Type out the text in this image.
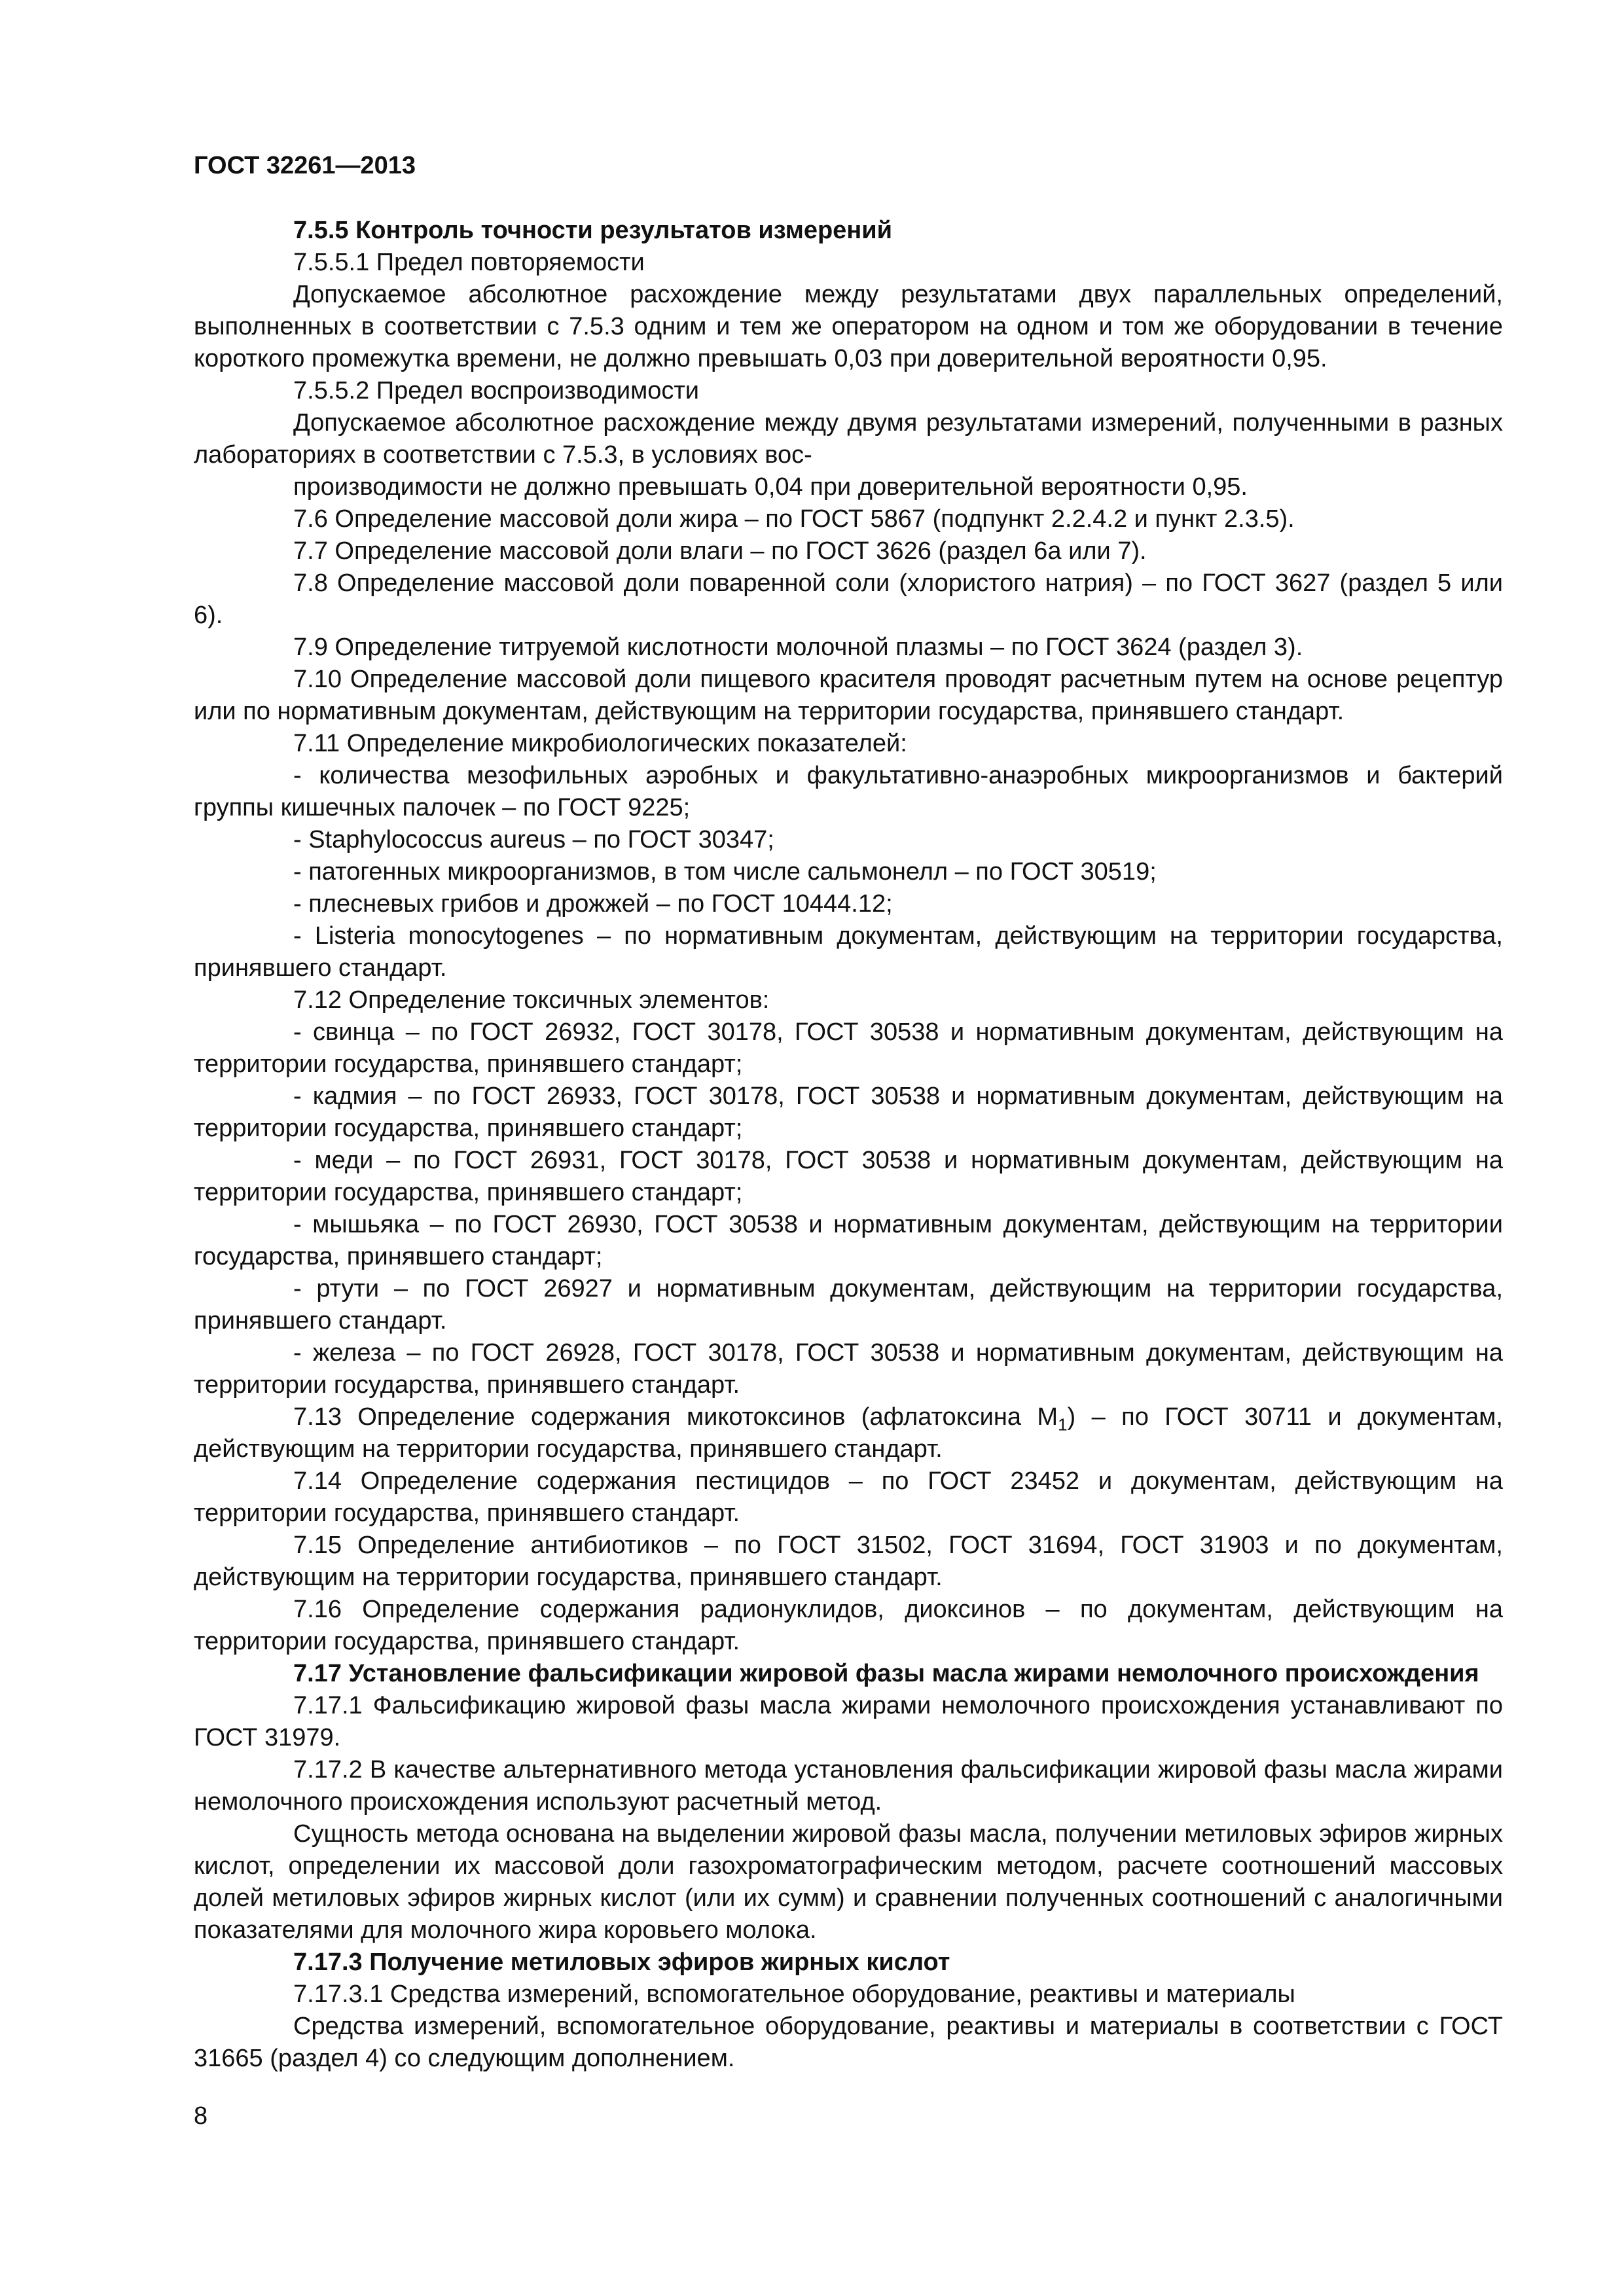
ГОСТ 32261—2013

7.5.5 Контроль точности результатов измерений

7.5.5.1 Предел повторяемости

Допускаемое абсолютное расхождение между результатами двух параллельных определений, выполненных в соответствии с 7.5.3 одним и тем же оператором на одном и том же оборудовании в течение короткого промежутка времени, не должно превышать 0,03 при доверительной вероятности 0,95.

7.5.5.2 Предел воспроизводимости

Допускаемое абсолютное расхождение между двумя результатами измерений, полученными в разных лабораториях в соответствии с 7.5.3, в условиях вос-

производимости не должно превышать 0,04 при доверительной вероятности 0,95.

7.6 Определение массовой доли жира – по ГОСТ 5867 (подпункт 2.2.4.2 и пункт 2.3.5).

7.7 Определение массовой доли влаги – по ГОСТ 3626 (раздел 6а или 7).

7.8 Определение массовой доли поваренной соли (хлористого натрия) – по ГОСТ 3627 (раздел 5 или 6).

7.9 Определение титруемой кислотности молочной плазмы – по ГОСТ 3624 (раздел 3).

7.10 Определение массовой доли пищевого красителя проводят расчетным путем на основе рецептур или по нормативным документам, действующим на территории государства, принявшего стандарт.

7.11 Определение микробиологических показателей:

- количества мезофильных аэробных и факультативно-анаэробных микроорганизмов и бактерий группы кишечных палочек – по ГОСТ 9225;

- Staphylococcus aureus – по ГОСТ 30347;

- патогенных микроорганизмов, в том числе сальмонелл – по ГОСТ 30519;

- плесневых грибов и дрожжей – по ГОСТ 10444.12;

- Listeria monocytogenes – по нормативным документам, действующим на территории государства, принявшего стандарт.

7.12 Определение токсичных элементов:

- свинца – по ГОСТ 26932, ГОСТ 30178, ГОСТ 30538 и нормативным документам, действующим на территории государства, принявшего стандарт;

- кадмия – по ГОСТ 26933, ГОСТ 30178, ГОСТ 30538 и нормативным документам, действующим на территории государства, принявшего стандарт;

- меди – по ГОСТ 26931, ГОСТ 30178, ГОСТ 30538 и нормативным документам, действующим на территории государства, принявшего стандарт;

- мышьяка – по ГОСТ 26930, ГОСТ 30538 и нормативным документам, действующим на территории государства, принявшего стандарт;

- ртути – по ГОСТ 26927 и нормативным документам, действующим на территории государства, принявшего стандарт.

- железа – по ГОСТ 26928, ГОСТ 30178, ГОСТ 30538 и нормативным документам, действующим на территории государства, принявшего стандарт.

7.13 Определение содержания микотоксинов (афлатоксина $M_1$) – по ГОСТ 30711 и документам, действующим на территории государства, принявшего стандарт.

7.14 Определение содержания пестицидов – по ГОСТ 23452 и документам, действующим на территории государства, принявшего стандарт.

7.15 Определение антибиотиков – по ГОСТ 31502, ГОСТ 31694, ГОСТ 31903 и по документам, действующим на территории государства, принявшего стандарт.

7.16 Определение содержания радионуклидов, диоксинов – по документам, действующим на территории государства, принявшего стандарт.

7.17 Установление фальсификации жировой фазы масла жирами немолочного происхождения

7.17.1 Фальсификацию жировой фазы масла жирами немолочного происхождения устанавливают по ГОСТ 31979.

7.17.2 В качестве альтернативного метода установления фальсификации жировой фазы масла жирами немолочного происхождения используют расчетный метод.

Сущность метода основана на выделении жировой фазы масла, получении метиловых эфиров жирных кислот, определении их массовой доли газохроматографическим методом, расчете соотношений массовых долей метиловых эфиров жирных кислот (или их сумм) и сравнении полученных соотношений с аналогичными показателями для молочного жира коровьего молока.

7.17.3 Получение метиловых эфиров жирных кислот

7.17.3.1 Средства измерений, вспомогательное оборудование, реактивы и материалы

Средства измерений, вспомогательное оборудование, реактивы и материалы в соответствии с ГОСТ 31665 (раздел 4) со следующим дополнением.

8
